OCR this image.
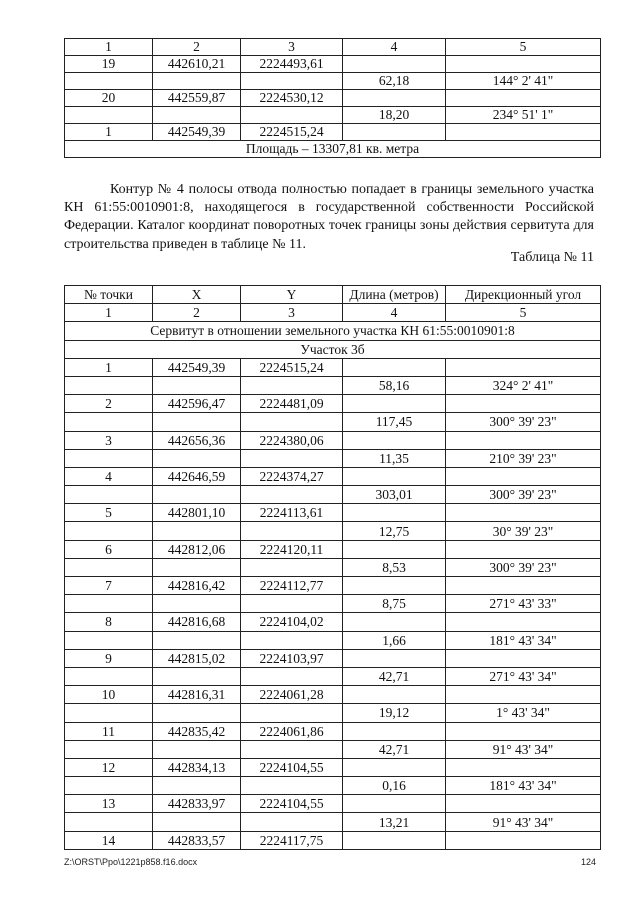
1	2	3	4	5
19	442610,21	2224493,61		
			62,18	144° 2' 41"
20	442559,87	2224530,12		
			18,20	234° 51' 1"
1	442549,39	2224515,24		
Площадь – 13307,81 кв. метра				

Контур № 4 полосы отвода полностью попадает в границы земельного участка КН 61:55:0010901:8, находящегося в государственной собственности Российской Федерации. Каталог координат поворотных точек границы зоны действия сервитута для строительства приведен в таблице № 11.

Таблица № 11

№ точки	X	Y	Длина (метров)	Дирекционный угол
1	2	3	4	5
Сервитут в отношении земельного участка КН 61:55:0010901:8				
Участок 3б				
1	442549,39	2224515,24		
			58,16	324° 2' 41"
2	442596,47	2224481,09		
			117,45	300° 39' 23"
3	442656,36	2224380,06		
			11,35	210° 39' 23"
4	442646,59	2224374,27		
			303,01	300° 39' 23"
5	442801,10	2224113,61		
			12,75	30° 39' 23"
6	442812,06	2224120,11		
			8,53	300° 39' 23"
7	442816,42	2224112,77		
			8,75	271° 43' 33"
8	442816,68	2224104,02		
			1,66	181° 43' 34"
9	442815,02	2224103,97		
			42,71	271° 43' 34"
10	442816,31	2224061,28		
			19,12	1° 43' 34"
11	442835,42	2224061,86		
			42,71	91° 43' 34"
12	442834,13	2224104,55		
			0,16	181° 43' 34"
13	442833,97	2224104,55		
			13,21	91° 43' 34"
14	442833,57	2224117,75		
Z:\ORST\Ppo\1221p858.f16.docx	124
